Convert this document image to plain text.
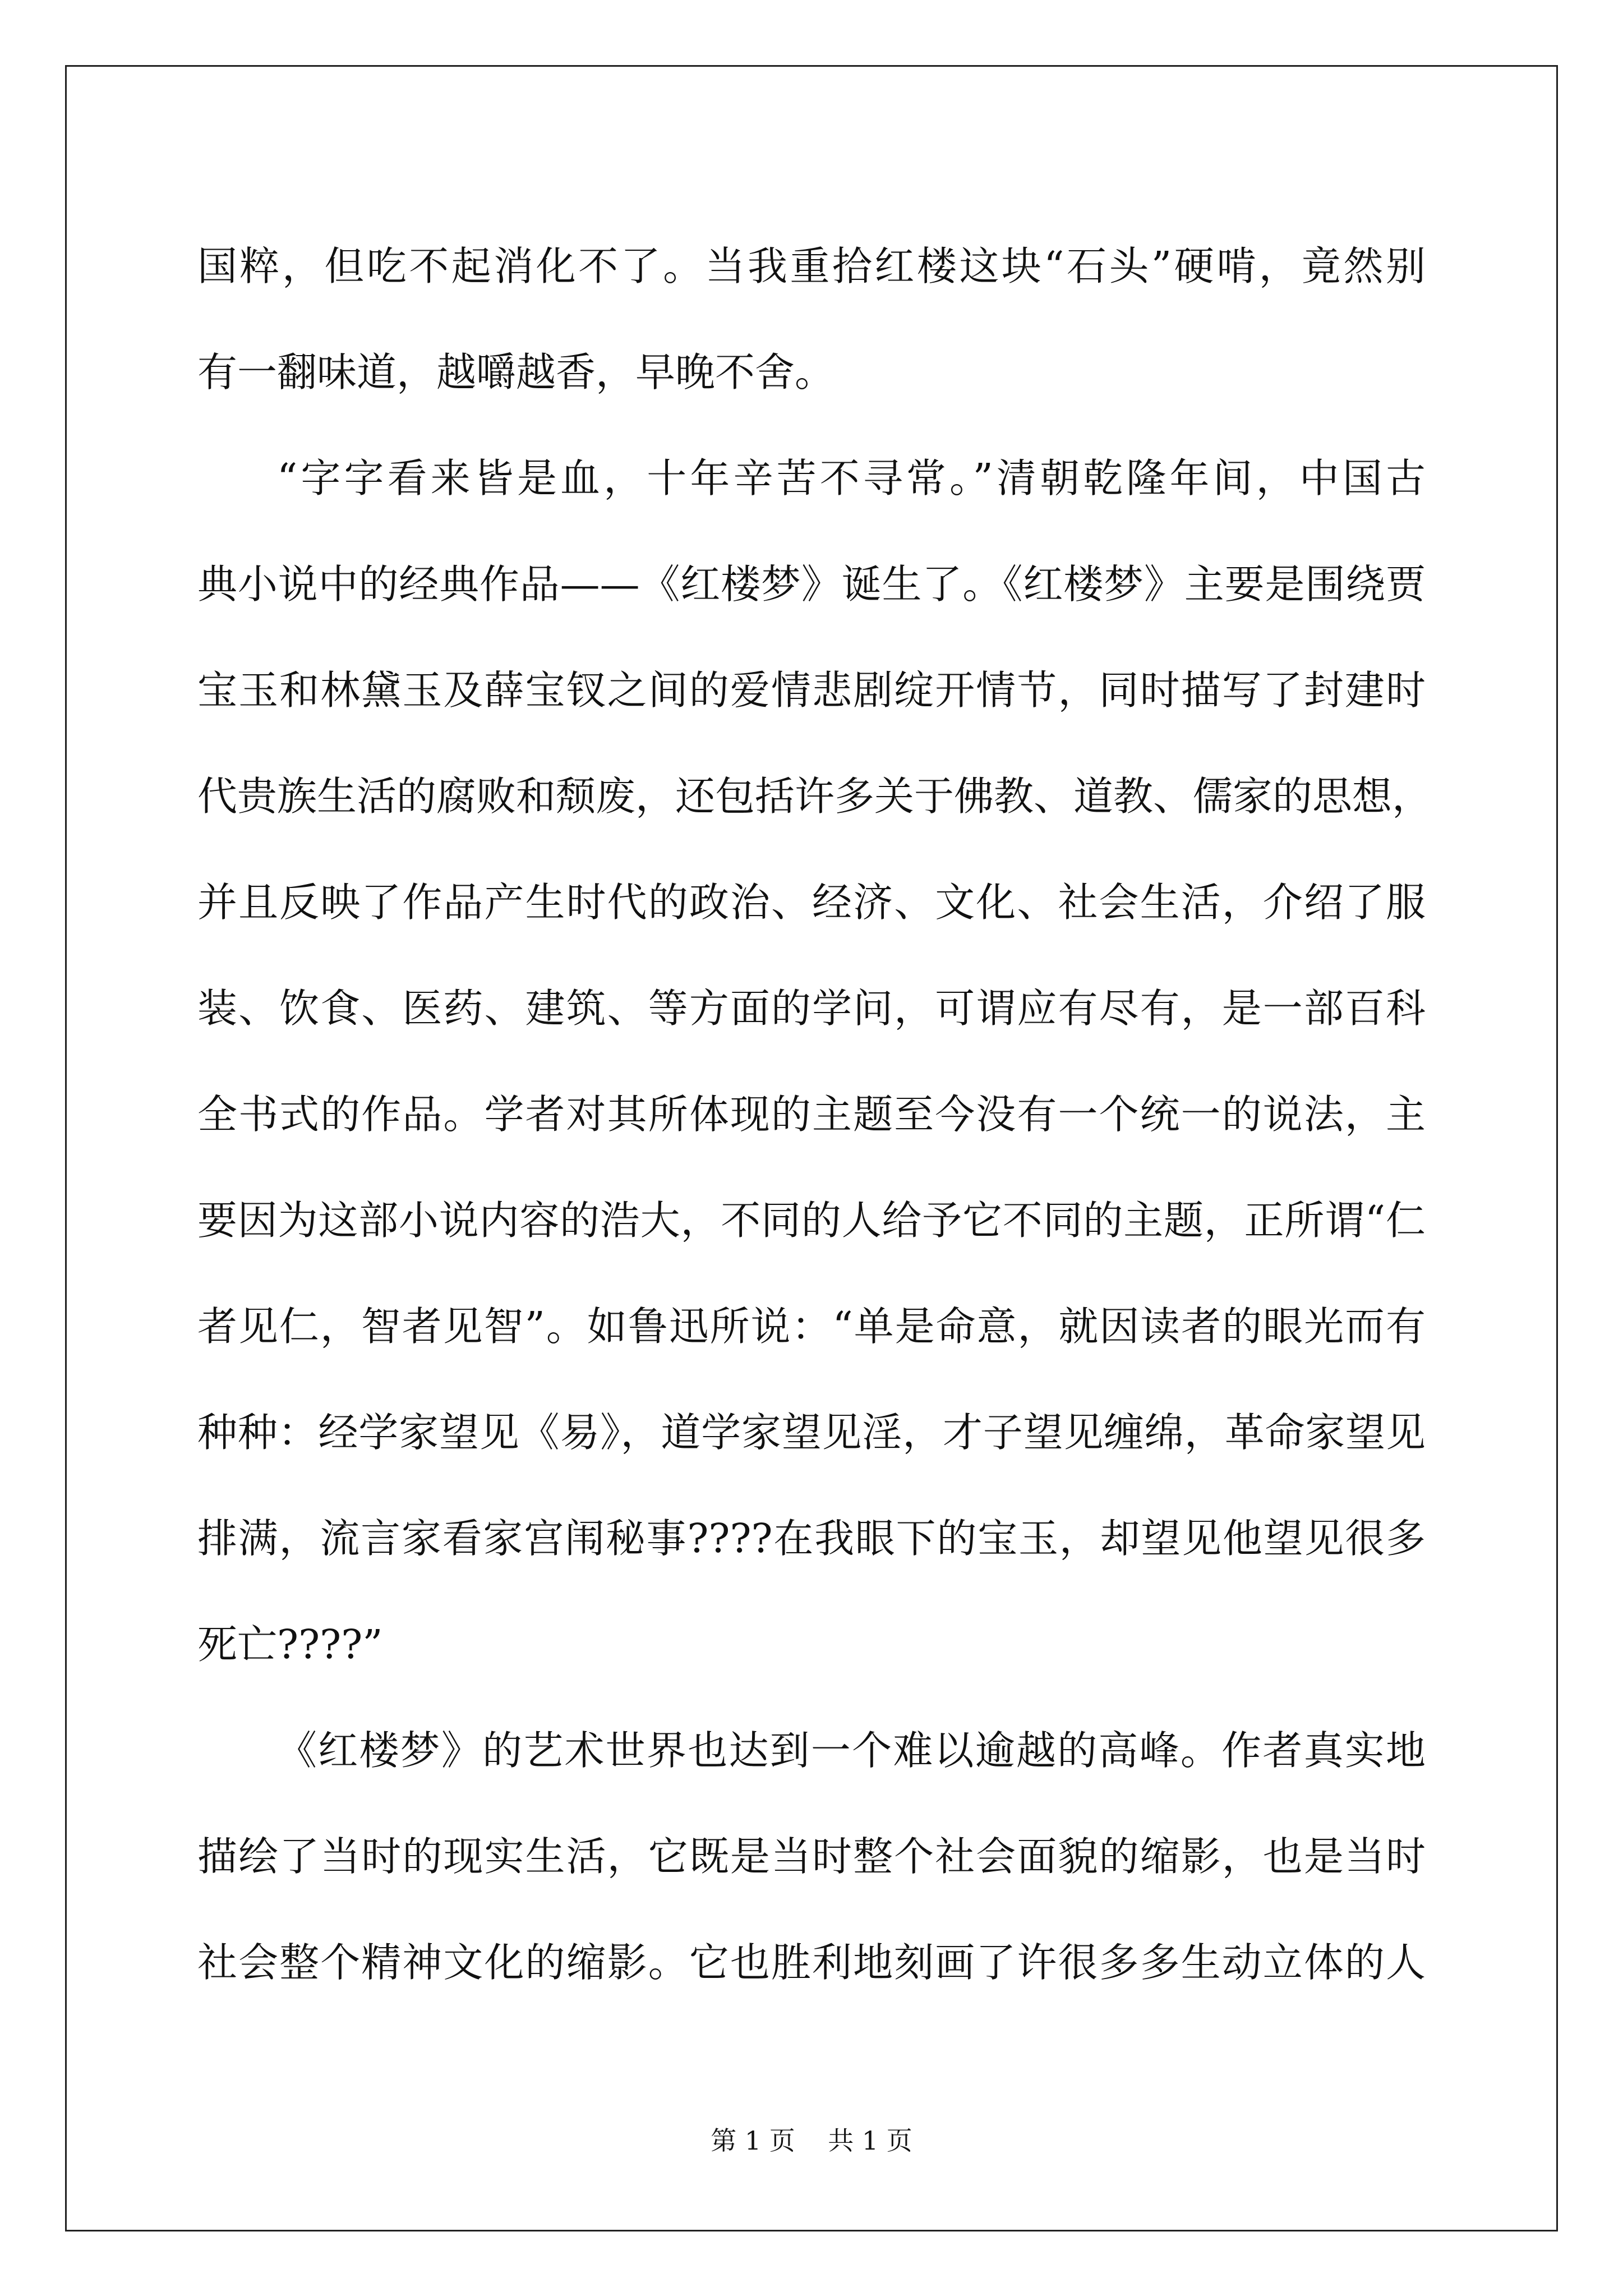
国粹，但吃不起消化不了。当我重拾红楼这块“石头”硬啃，竟然别
有一翻味道，越嚼越香，早晚不舍。
“字字看来皆是血，十年辛苦不寻常。”清朝乾隆年间，中国古
典小说中的经典作品——《红楼梦》诞生了。《红楼梦》主要是围绕贾
宝玉和林黛玉及薛宝钗之间的爱情悲剧绽开情节，同时描写了封建时
代贵族生活的腐败和颓废，还包括许多关于佛教、道教、儒家的思想，
并且反映了作品产生时代的政治、经济、文化、社会生活，介绍了服
装、饮食、医药、建筑、等方面的学问，可谓应有尽有，是一部百科
全书式的作品。学者对其所体现的主题至今没有一个统一的说法，主
要因为这部小说内容的浩大，不同的人给予它不同的主题，正所谓“仁
者见仁，智者见智”。如鲁迅所说：“单是命意，就因读者的眼光而有
种种：经学家望见《易》，道学家望见淫，才子望见缠绵，革命家望见
排满，流言家看家宫闱秘事????在我眼下的宝玉，却望见他望见很多
死亡????”
《红楼梦》的艺术世界也达到一个难以逾越的高峰。作者真实地
描绘了当时的现实生活，它既是当时整个社会面貌的缩影，也是当时
社会整个精神文化的缩影。它也胜利地刻画了许很多多生动立体的人
第 1 页    共 1 页
